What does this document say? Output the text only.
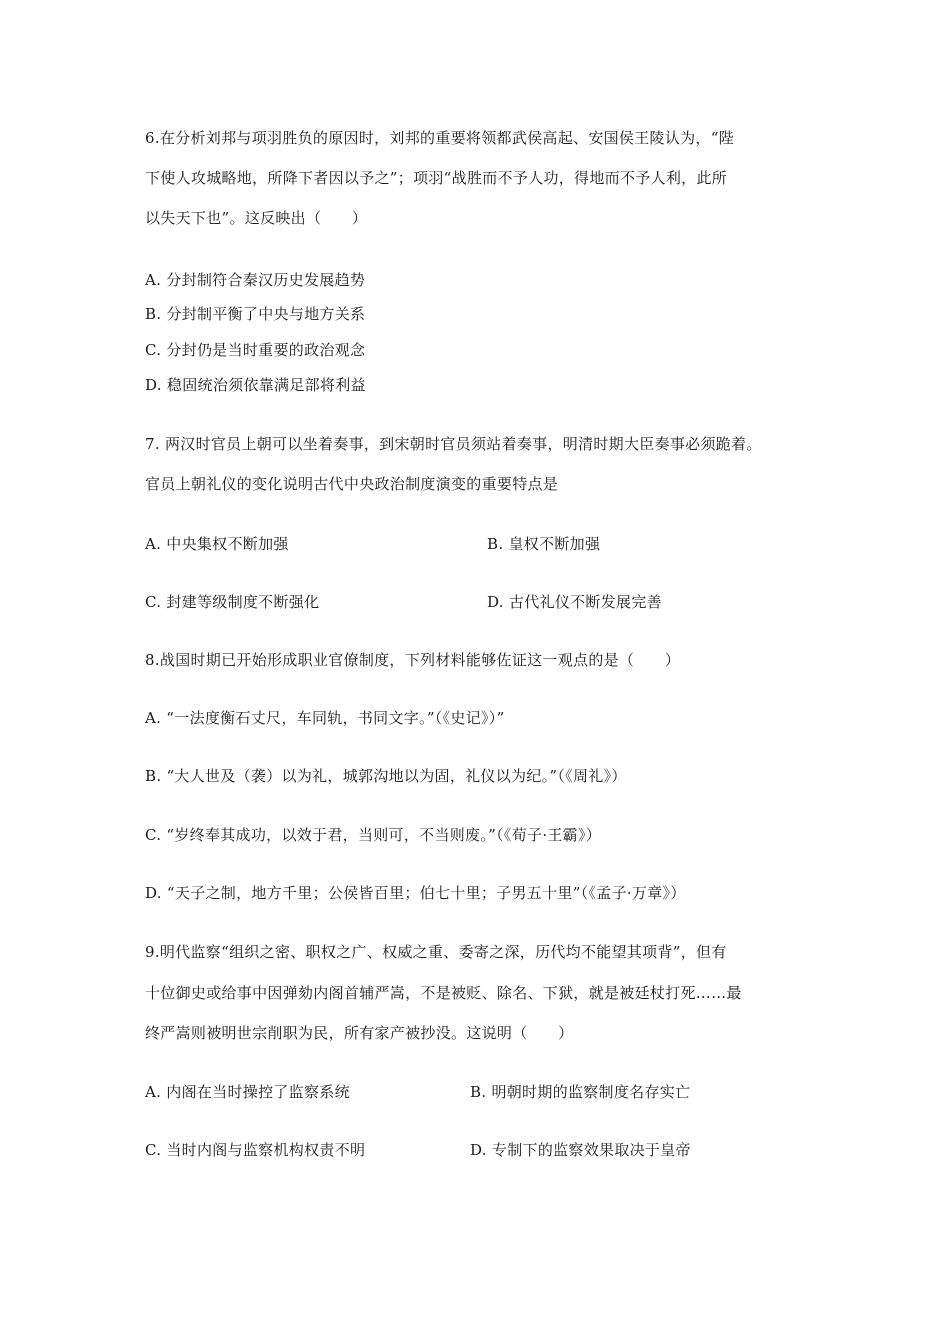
6.在分析刘邦与项羽胜负的原因时，刘邦的重要将领都武侯高起、安国侯王陵认为，“陛
下使人攻城略地，所降下者因以予之”；项羽“战胜而不予人功，得地而不予人利，此所
以失天下也”。这反映出（　　）
A. 分封制符合秦汉历史发展趋势
B. 分封制平衡了中央与地方关系
C. 分封仍是当时重要的政治观念
D. 稳固统治须依靠满足部将利益
7. 两汉时官员上朝可以坐着奏事，到宋朝时官员须站着奏事，明清时期大臣奏事必须跪着。
官员上朝礼仪的变化说明古代中央政治制度演变的重要特点是
A. 中央集权不断加强	B. 皇权不断加强
C. 封建等级制度不断强化	D. 古代礼仪不断发展完善
8.战国时期已开始形成职业官僚制度，下列材料能够佐证这一观点的是（　　）
A. “一法度衡石丈尺，车同轨，书同文字。”（《史记》）”
B. “大人世及（袭）以为礼，城郭沟地以为固，礼仪以为纪。”（《周礼》）
C. “岁终奉其成功，以效于君，当则可，不当则废。”（《荀子·王霸》）
D. “天子之制，地方千里；公侯皆百里；伯七十里；子男五十里”（《孟子·万章》）
9.明代监察“组织之密、职权之广、权威之重、委寄之深，历代均不能望其项背”，但有
十位御史或给事中因弹劾内阁首辅严嵩，不是被贬、除名、下狱，就是被廷杖打死……最
终严嵩则被明世宗削职为民，所有家产被抄没。这说明（　　）
A. 内阁在当时操控了监察系统	B. 明朝时期的监察制度名存实亡
C. 当时内阁与监察机构权责不明	D. 专制下的监察效果取决于皇帝
